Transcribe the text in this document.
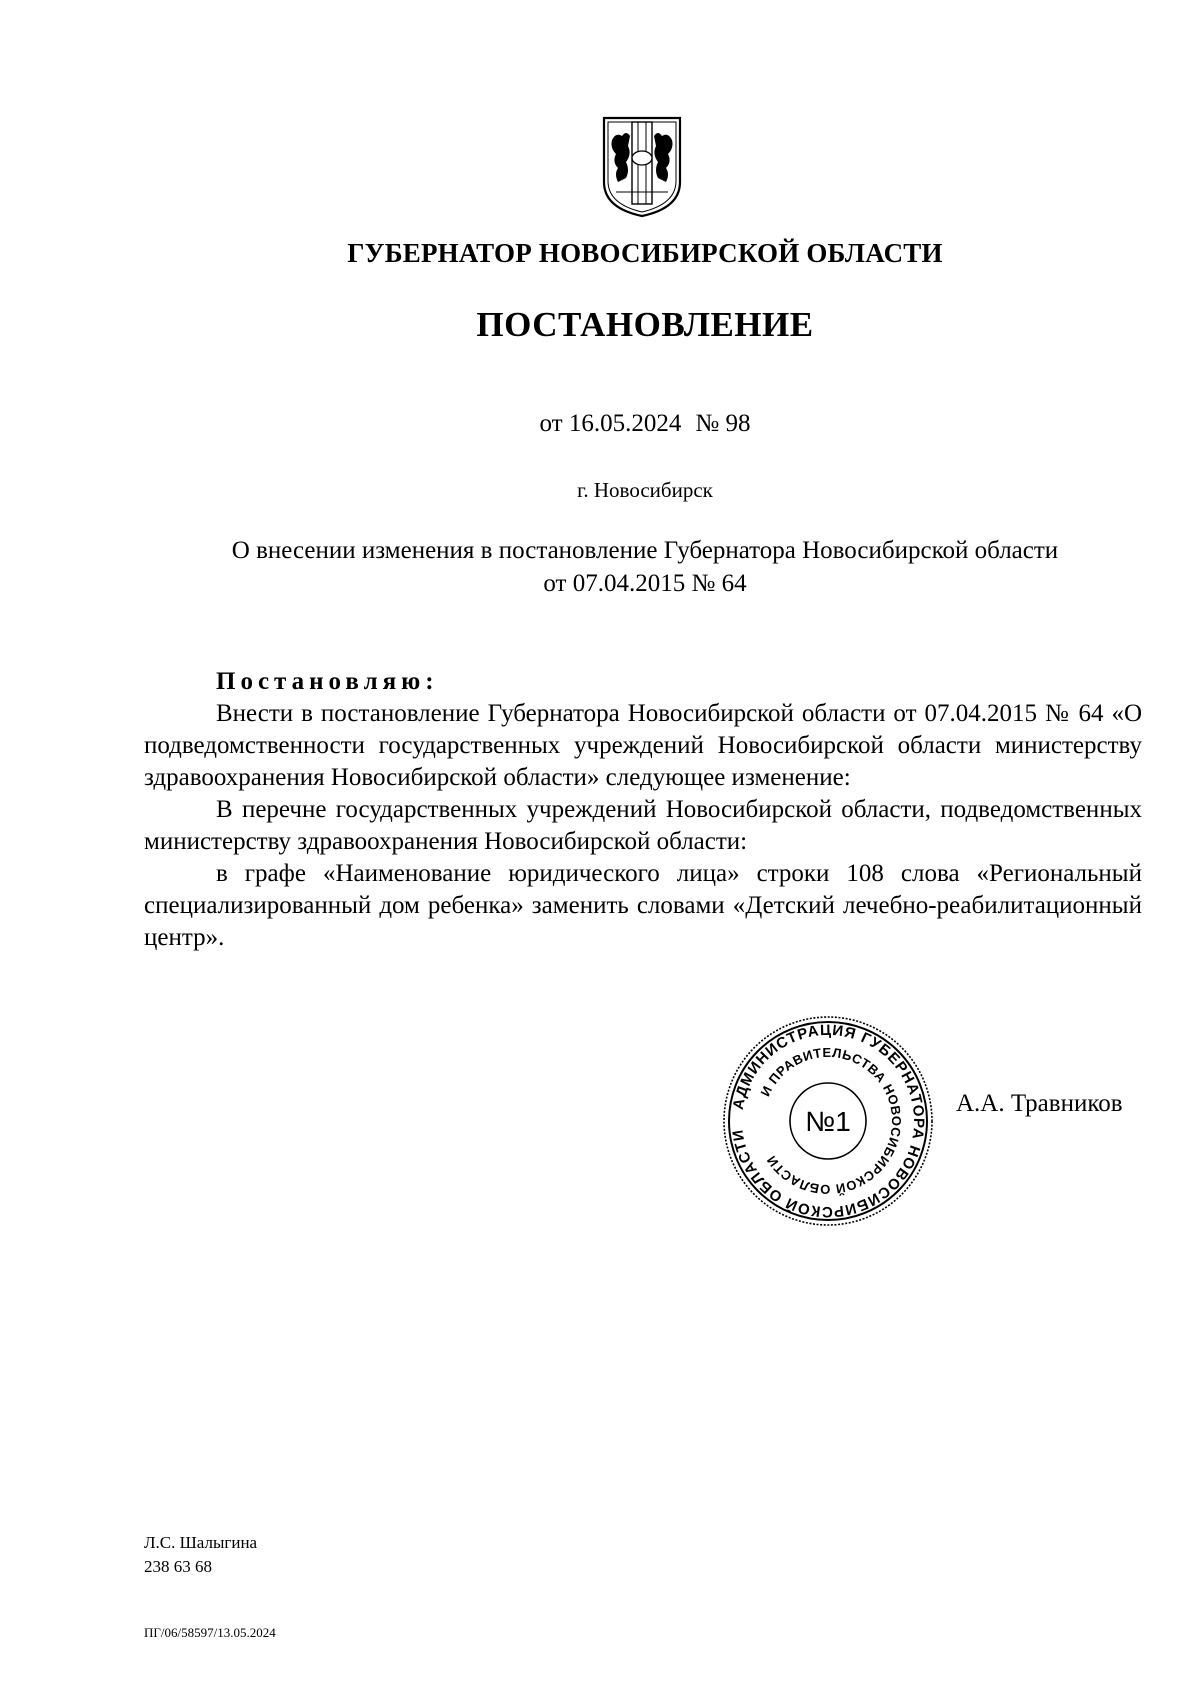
ГУБЕРНАТОР НОВОСИБИРСКОЙ ОБЛАСТИ
ПОСТАНОВЛЕНИЕ
от 16.05.2024 № 98
г. Новосибирск
О внесении изменения в постановление Губернатора Новосибирской области
от 07.04.2015 № 64
Постановляю:

Внести в постановление Губернатора Новосибирской области от 07.04.2015 № 64 «О подведомственности государственных учреждений Новосибирской области министерству здравоохранения Новосибирской области» следующее изменение:

В перечне государственных учреждений Новосибирской области, подведомственных министерству здравоохранения Новосибирской области:

в графе «Наименование юридического лица» строки 108 слова «Региональный специализированный дом ребенка» заменить словами «Детский лечебно-реабилитационный центр».

АДМИНИСТРАЦИЯ ГУБЕРНАТОРА НОВОСИБИРСКОЙ ОБЛАСТИ
И ПРАВИТЕЛЬСТВА НОВОСИБИРСКОЙ ОБЛАСТИ
№1
А.А. Травников
Л.С. Шалыгина
238 63 68
ПГ/06/58597/13.05.2024
